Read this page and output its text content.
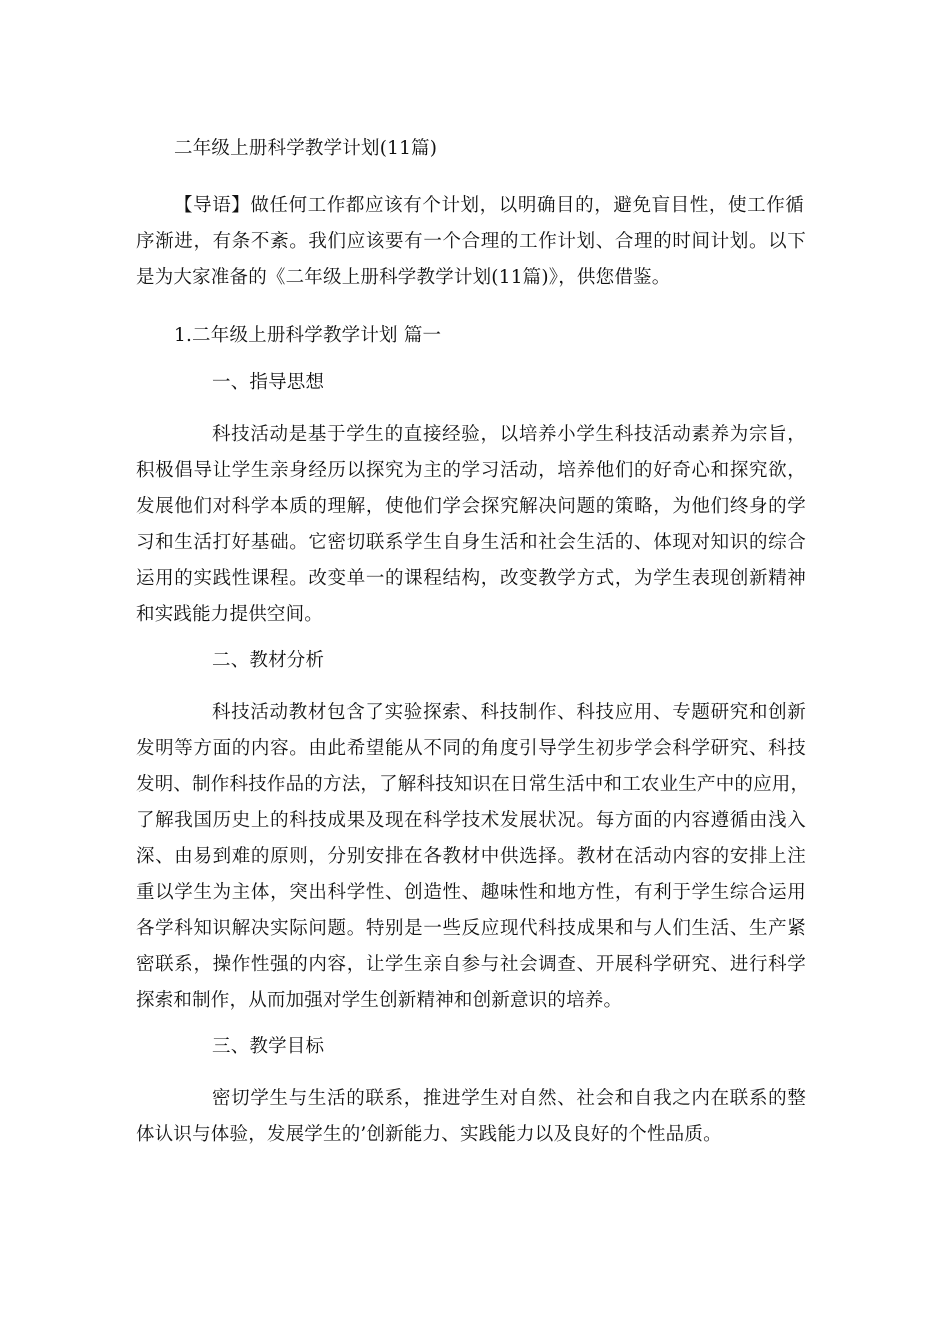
二年级上册科学教学计划(11篇)
【导语】做任何工作都应该有个计划，以明确目的，避免盲目性，使工作循
序渐进，有条不紊。我们应该要有一个合理的工作计划、合理的时间计划。以下
是为大家准备的《二年级上册科学教学计划(11篇)》，供您借鉴。
1.二年级上册科学教学计划 篇一
一、指导思想
科技活动是基于学生的直接经验，以培养小学生科技活动素养为宗旨，
积极倡导让学生亲身经历以探究为主的学习活动，培养他们的好奇心和探究欲，
发展他们对科学本质的理解，使他们学会探究解决问题的策略，为他们终身的学
习和生活打好基础。它密切联系学生自身生活和社会生活的、体现对知识的综合
运用的实践性课程。改变单一的课程结构，改变教学方式，为学生表现创新精神
和实践能力提供空间。
二、教材分析
科技活动教材包含了实验探索、科技制作、科技应用、专题研究和创新
发明等方面的内容。由此希望能从不同的角度引导学生初步学会科学研究、科技
发明、制作科技作品的方法，了解科技知识在日常生活中和工农业生产中的应用，
了解我国历史上的科技成果及现在科学技术发展状况。每方面的内容遵循由浅入
深、由易到难的原则，分别安排在各教材中供选择。教材在活动内容的安排上注
重以学生为主体，突出科学性、创造性、趣味性和地方性，有利于学生综合运用
各学科知识解决实际问题。特别是一些反应现代科技成果和与人们生活、生产紧
密联系，操作性强的内容，让学生亲自参与社会调查、开展科学研究、进行科学
探索和制作，从而加强对学生创新精神和创新意识的培养。
三、教学目标
密切学生与生活的联系，推进学生对自然、社会和自我之内在联系的整
体认识与体验，发展学生的’创新能力、实践能力以及良好的个性品质。
